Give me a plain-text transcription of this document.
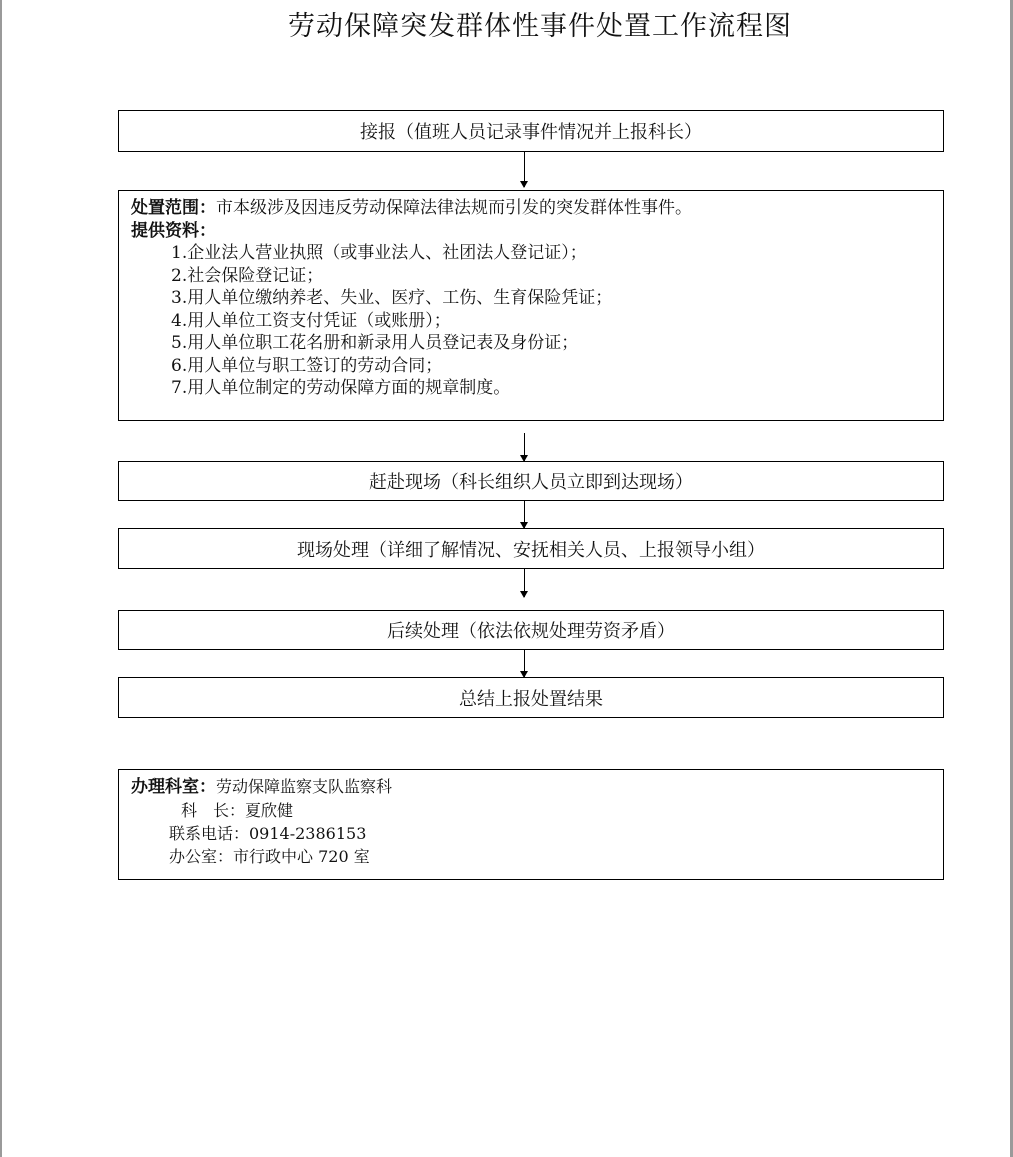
劳动保障突发群体性事件处置工作流程图
接报（值班人员记录事件情况并上报科长）
处置范围：市本级涉及因违反劳动保障法律法规而引发的突发群体性事件。
提供资料：
1.企业法人营业执照（或事业法人、社团法人登记证）；
2.社会保险登记证；
3.用人单位缴纳养老、失业、医疗、工伤、生育保险凭证；
4.用人单位工资支付凭证（或账册）；
5.用人单位职工花名册和新录用人员登记表及身份证；
6.用人单位与职工签订的劳动合同；
7.用人单位制定的劳动保障方面的规章制度。
赶赴现场（科长组织人员立即到达现场）
现场处理（详细了解情况、安抚相关人员、上报领导小组）
后续处理（依法依规处理劳资矛盾）
总结上报处置结果
办理科室：劳动保障监察支队监察科
科　长：夏欣健
联系电话：0914-2386153
办公室：市行政中心 720 室
